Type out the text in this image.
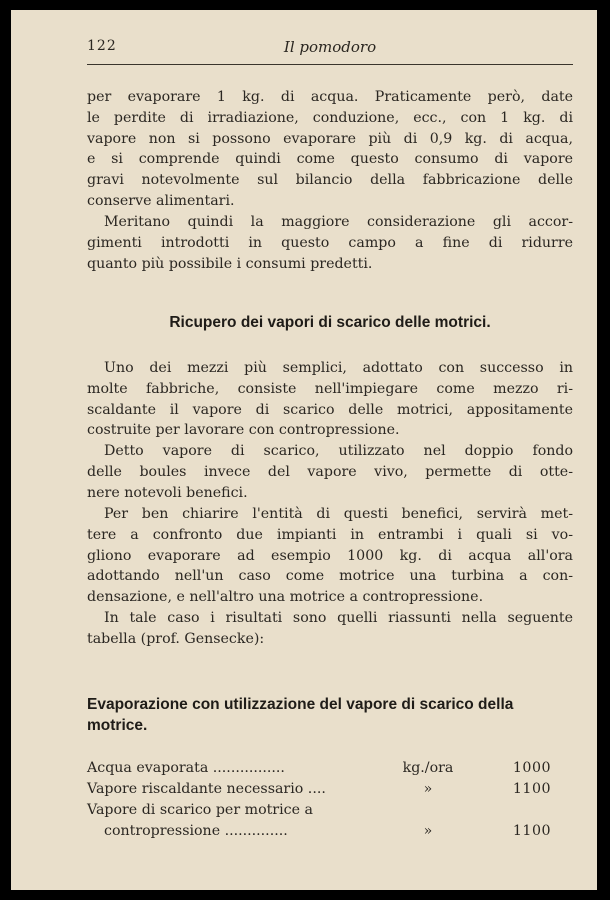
122	Il pomodoro
per evaporare 1 kg. di acqua. Praticamente però, date
le perdite di irradiazione, conduzione, ecc., con 1 kg. di
vapore non si possono evaporare più di 0,9 kg. di acqua,
e si comprende quindi come questo consumo di vapore
gravi notevolmente sul bilancio della fabbricazione delle
conserve alimentari.
Meritano quindi la maggiore considerazione gli accor-
gimenti introdotti in questo campo a fine di ridurre
quanto più possibile i consumi predetti.
Ricupero dei vapori di scarico delle motrici.
Uno dei mezzi più semplici, adottato con successo in
molte fabbriche, consiste nell'impiegare come mezzo ri-
scaldante il vapore di scarico delle motrici, appositamente
costruite per lavorare con contropressione.
Detto vapore di scarico, utilizzato nel doppio fondo
delle boules invece del vapore vivo, permette di otte-
nere notevoli benefici.
Per ben chiarire l'entità di questi benefici, servirà met-
tere a confronto due impianti in entrambi i quali si vo-
gliono evaporare ad esempio 1000 kg. di acqua all'ora
adottando nell'un caso come motrice una turbina a con-
densazione, e nell'altro una motrice a contropressione.
In tale caso i risultati sono quelli riassunti nella seguente
tabella (prof. Gensecke):
Evaporazione con utilizzazione del vapore di scarico della
motrice.
Acqua evaporata ................	kg./ora	1000
Vapore riscaldante necessario ....	»	1100
Vapore di scarico per motrice a
contropressione ..............	»	1100
